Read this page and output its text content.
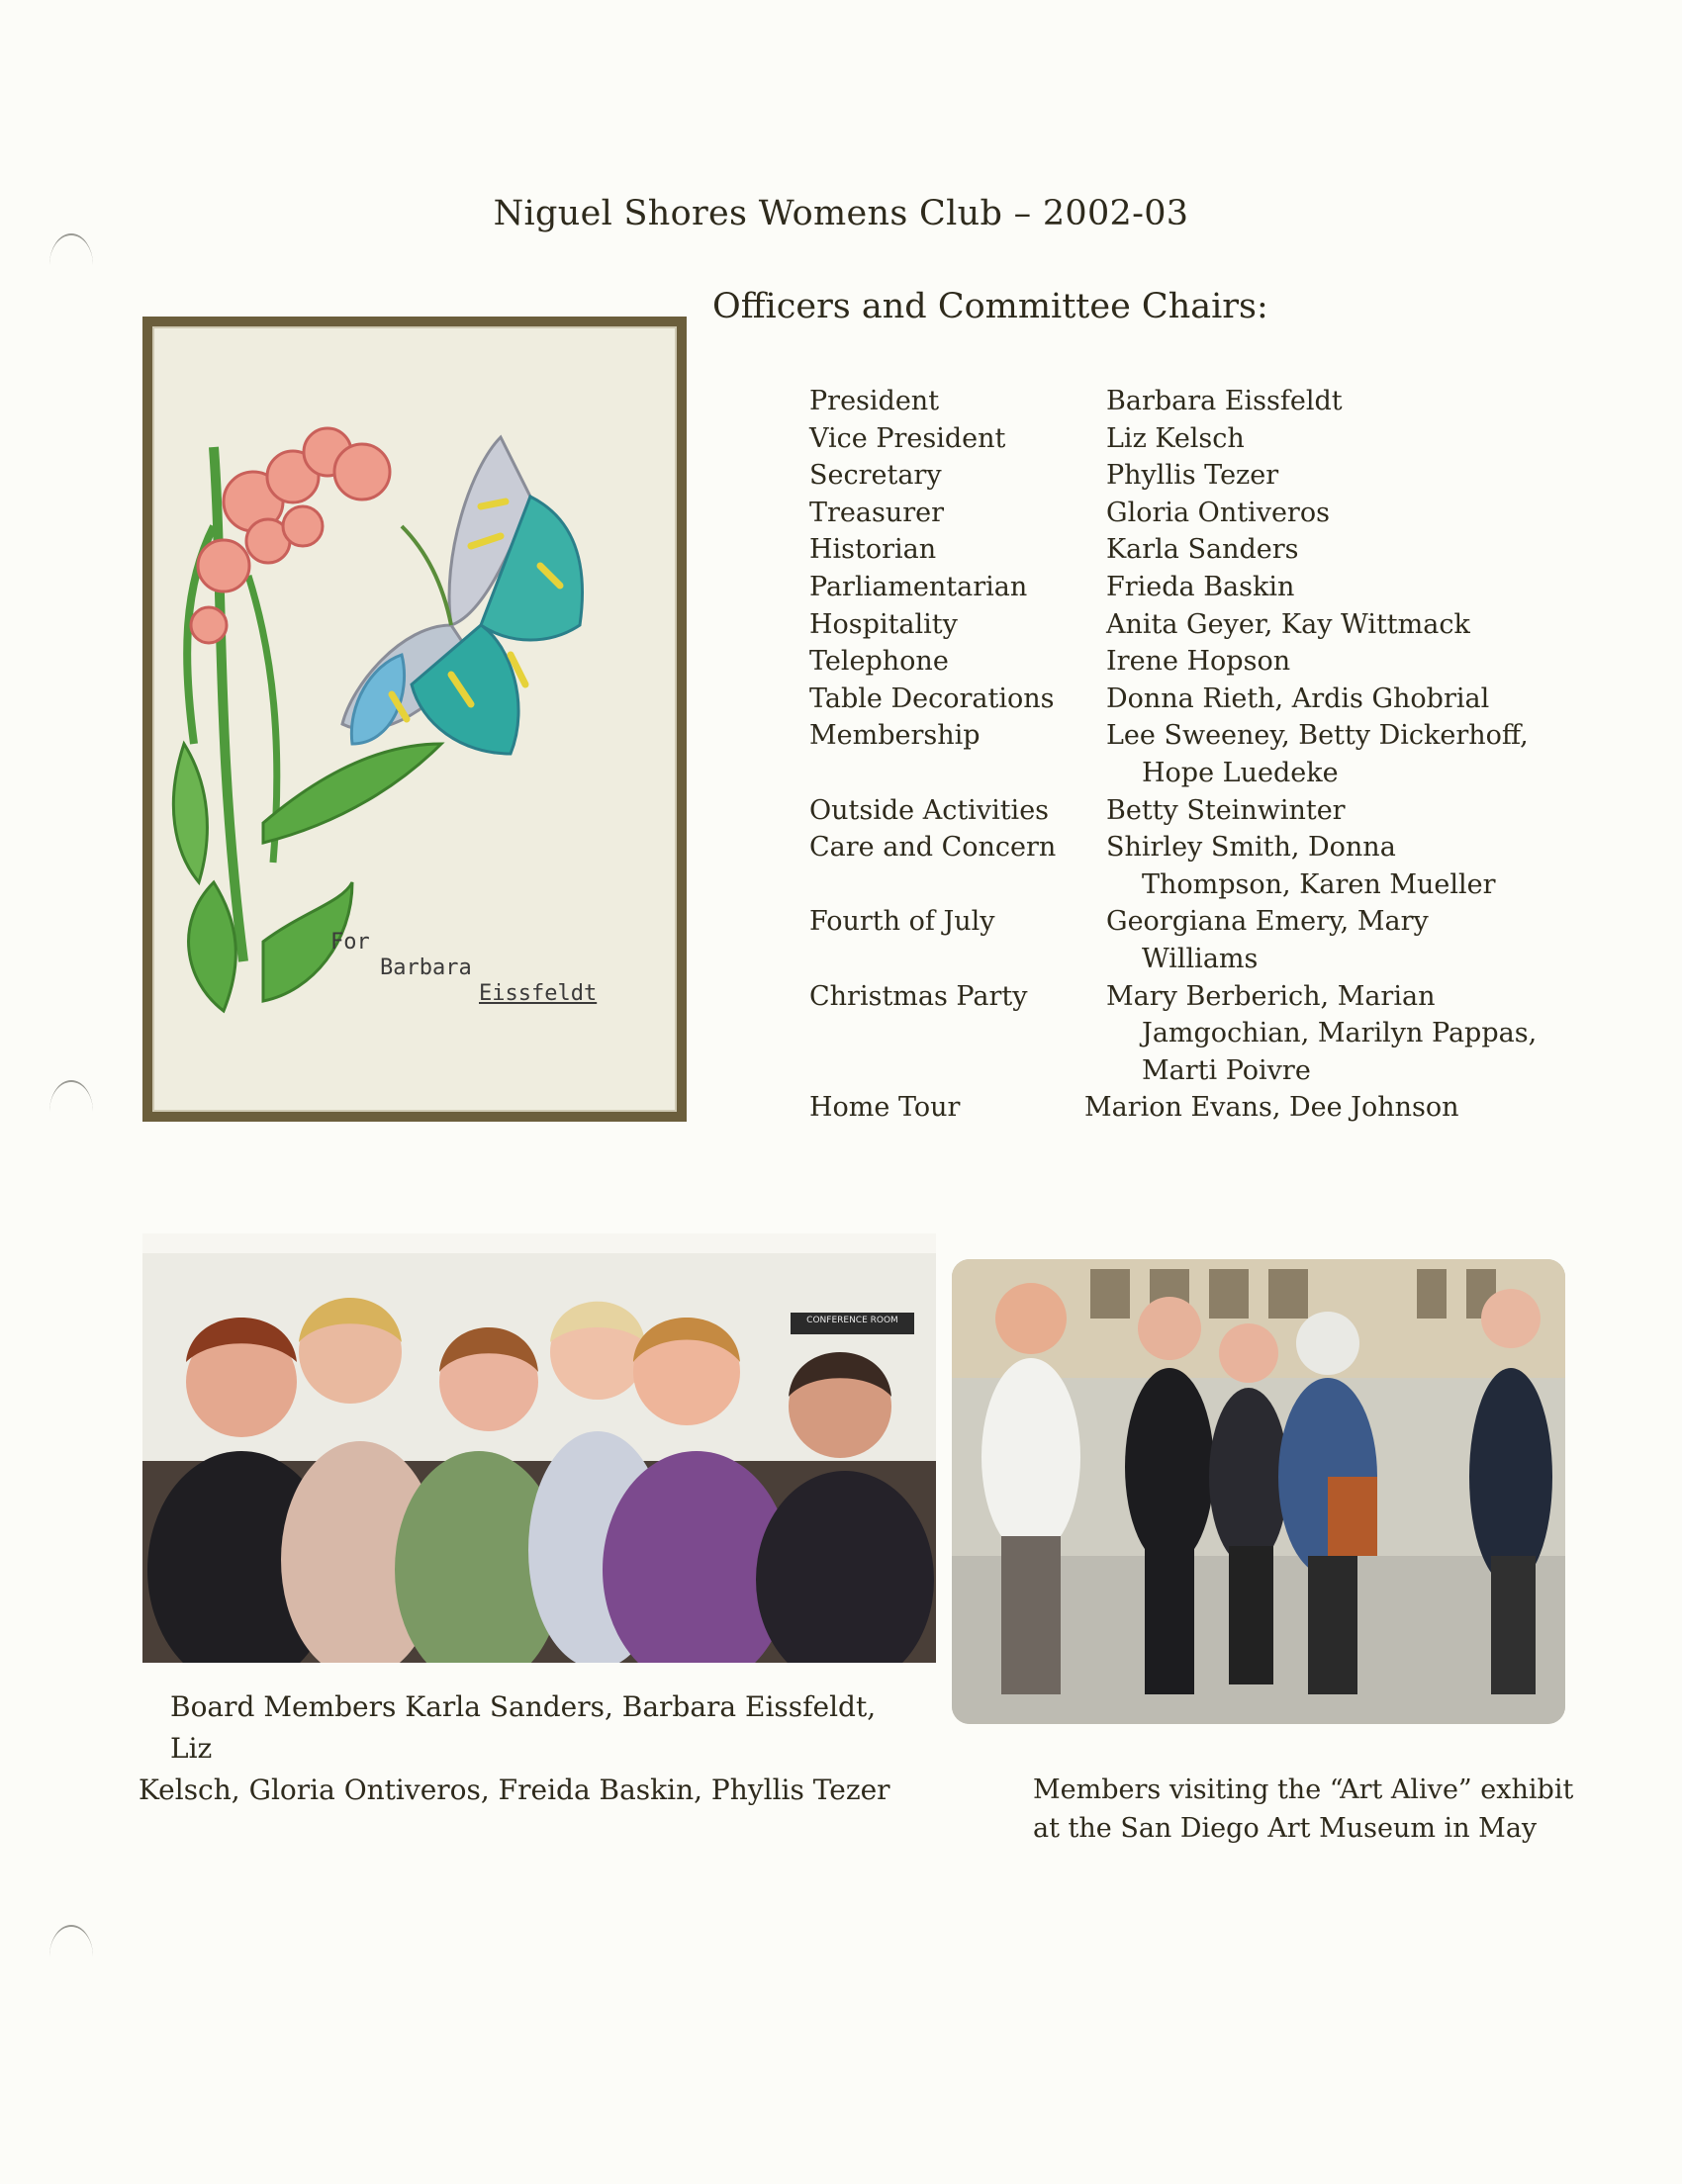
Niguel Shores Womens Club – 2002-03
Officers and Committee Chairs:
President	Barbara Eissfeldt
Vice President	Liz Kelsch
Secretary	Phyllis Tezer
Treasurer	Gloria Ontiveros
Historian	Karla Sanders
Parliamentarian	Frieda Baskin
Hospitality	Anita Geyer, Kay Wittmack
Telephone	Irene Hopson
Table Decorations	Donna Rieth, Ardis Ghobrial
Membership	Lee Sweeney, Betty Dickerhoff,
Hope Luedeke
Outside Activities	Betty Steinwinter
Care and Concern	Shirley Smith, Donna
Thompson, Karen Mueller
Fourth of July	Georgiana Emery, Mary
Williams
Christmas Party	Mary Berberich, Marian
Jamgochian, Marilyn Pappas,
Marti Poivre
Home Tour	Marion Evans, Dee Johnson
For
Barbara
Eissfeldt
CONFERENCE ROOM
Board Members Karla Sanders, Barbara Eissfeldt, Liz
Kelsch, Gloria Ontiveros, Freida Baskin, Phyllis Tezer	Members visiting the “Art Alive” exhibit
at the San Diego Art Museum in May
